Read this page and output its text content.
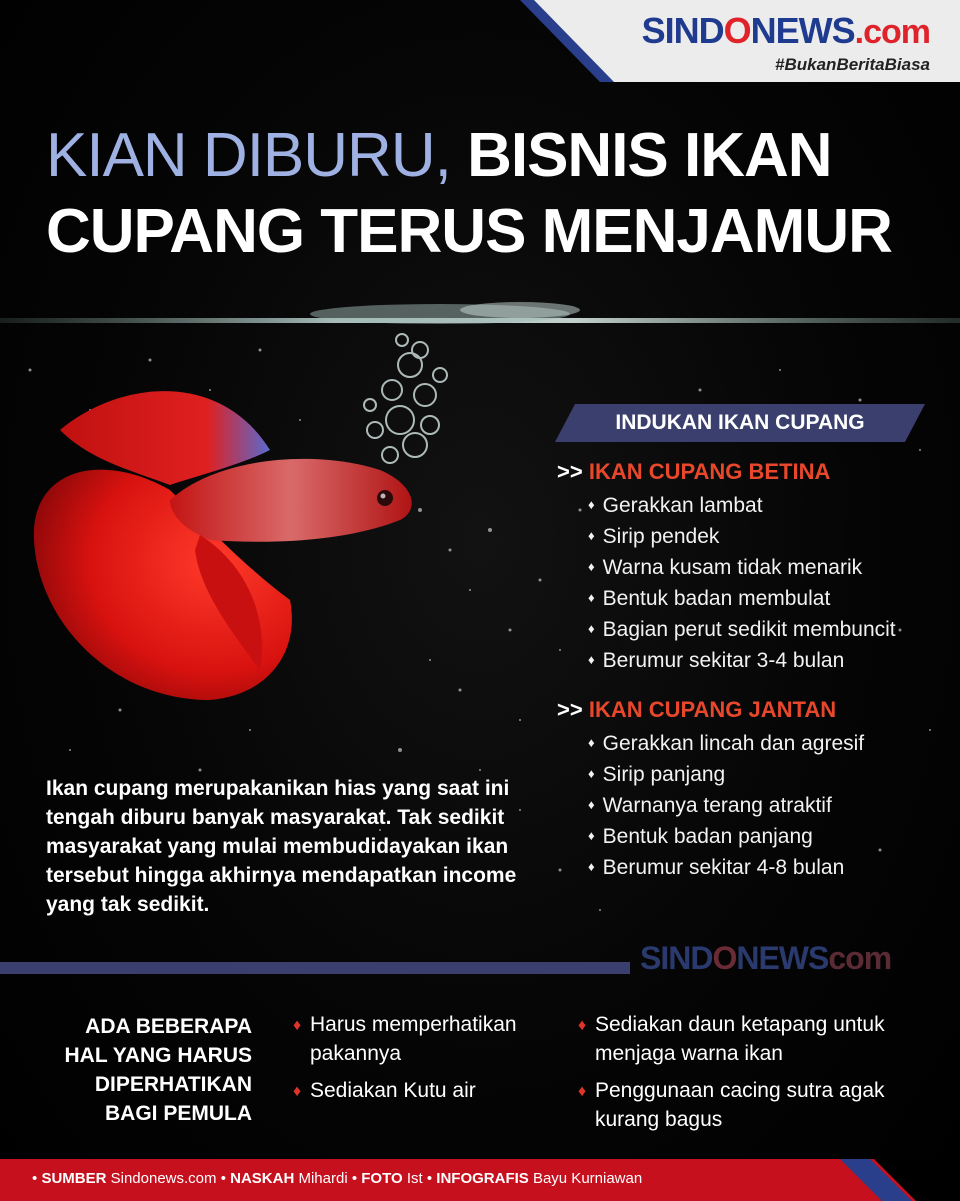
SINDONEWS.com
#BukanBeritaBiasa
KIAN DIBURU, BISNIS IKAN
CUPANG TERUS MENJAMUR
INDUKAN IKAN CUPANG
>> IKAN CUPANG BETINA
♦ Gerakkan lambat
♦ Sirip pendek
♦ Warna kusam tidak menarik
♦ Bentuk badan membulat
♦ Bagian perut sedikit membuncit
♦ Berumur sekitar 3-4 bulan
>> IKAN CUPANG JANTAN
♦ Gerakkan lincah dan agresif
♦ Sirip panjang
♦ Warnanya terang atraktif
♦ Bentuk badan panjang
♦ Berumur sekitar 4-8 bulan
Ikan cupang merupakanikan hias yang saat ini tengah diburu banyak masyarakat. Tak sedikit masyarakat yang mulai membudidayakan ikan tersebut hingga akhirnya mendapatkan income yang tak sedikit.
SINDONEWScom
ADA BEBERAPA
HAL YANG HARUS
DIPERHATIKAN
BAGI PEMULA
♦ Harus memperhatikan pakannya
♦ Sediakan Kutu air
♦ Sediakan daun ketapang untuk menjaga warna ikan
♦ Penggunaan cacing sutra agak kurang bagus
• SUMBER Sindonews.com • NASKAH Mihardi • FOTO Ist • INFOGRAFIS Bayu Kurniawan
